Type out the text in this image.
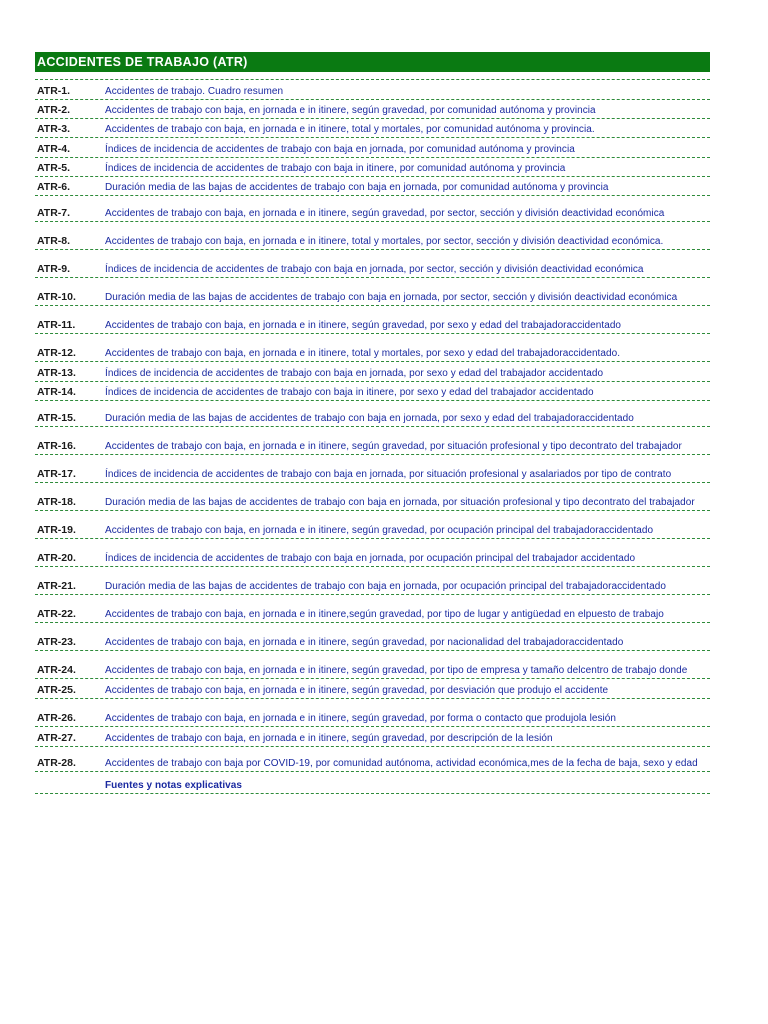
ACCIDENTES DE TRABAJO (ATR)
ATR-1.	Accidentes de trabajo. Cuadro resumen
ATR-2.	Accidentes de trabajo con baja, en jornada e in itinere, según gravedad, por comunidad autónoma y provincia
ATR-3.	Accidentes de trabajo con baja, en jornada e in itinere, total y mortales, por comunidad autónoma y provincia.
ATR-4.	Índices de incidencia de accidentes de trabajo con baja en jornada, por comunidad autónoma y provincia
ATR-5.	Índices de incidencia de accidentes de trabajo con baja in itinere, por comunidad autónoma y provincia
ATR-6.	Duración media de las bajas de accidentes de trabajo con baja en jornada, por comunidad autónoma y provincia
ATR-7.	Accidentes de trabajo con baja, en jornada e in itinere, según gravedad, por sector, sección y división deactividad económica
ATR-8.	Accidentes de trabajo con baja, en jornada e in itinere, total y mortales, por sector, sección y división deactividad económica.
ATR-9.	Índices de incidencia de accidentes de trabajo con baja en jornada, por sector, sección y división deactividad económica
ATR-10.	Duración media de las bajas de accidentes de trabajo con baja en jornada, por sector, sección y división deactividad económica
ATR-11.	Accidentes de trabajo con baja, en jornada e in itinere, según gravedad, por sexo y edad del trabajadoraccidentado
ATR-12.	Accidentes de trabajo con baja, en jornada e in itinere, total y mortales, por sexo y edad del trabajadoraccidentado.
ATR-13.	Índices de incidencia de accidentes de trabajo con baja en jornada, por sexo y edad del trabajador accidentado
ATR-14.	Índices de incidencia de accidentes de trabajo con baja in itinere, por sexo y edad del trabajador accidentado
ATR-15.	Duración media de las bajas de accidentes de trabajo con baja en jornada, por sexo y edad del trabajadoraccidentado
ATR-16.	Accidentes de trabajo con baja, en jornada e in itinere, según gravedad, por situación profesional y tipo decontrato del trabajador
ATR-17.	Índices de incidencia de accidentes de trabajo con baja en jornada, por situación profesional y asalariados por tipo de contrato
ATR-18.	Duración media de las bajas de accidentes de trabajo con baja en jornada, por situación profesional y tipo decontrato del trabajador
ATR-19.	Accidentes de trabajo con baja, en jornada e in itinere, según gravedad, por ocupación principal del trabajadoraccidentado
ATR-20.	Índices de incidencia de accidentes de trabajo con baja en jornada, por ocupación principal del trabajador accidentado
ATR-21.	Duración media de las bajas de accidentes de trabajo con baja en jornada, por ocupación principal del trabajadoraccidentado
ATR-22.	Accidentes de trabajo con baja, en jornada e in itinere,según gravedad, por tipo de lugar y antigüedad en elpuesto de trabajo
ATR-23.	Accidentes de trabajo con baja, en jornada e in itinere, según gravedad, por nacionalidad del trabajadoraccidentado
ATR-24.	Accidentes de trabajo con baja, en jornada e in itinere, según gravedad, por tipo de empresa y tamaño delcentro de trabajo donde
ATR-25.	Accidentes de trabajo con baja, en jornada e in itinere, según gravedad, por desviación que produjo el accidente
ATR-26.	Accidentes de trabajo con baja, en jornada e in itinere, según gravedad, por forma o contacto que produjola lesión
ATR-27.	Accidentes de trabajo con baja, en jornada e in itinere, según gravedad, por descripción de la lesión
ATR-28.	Accidentes de trabajo con baja por COVID-19, por comunidad autónoma, actividad económica,mes de la fecha de baja, sexo y edad
Fuentes y notas explicativas
